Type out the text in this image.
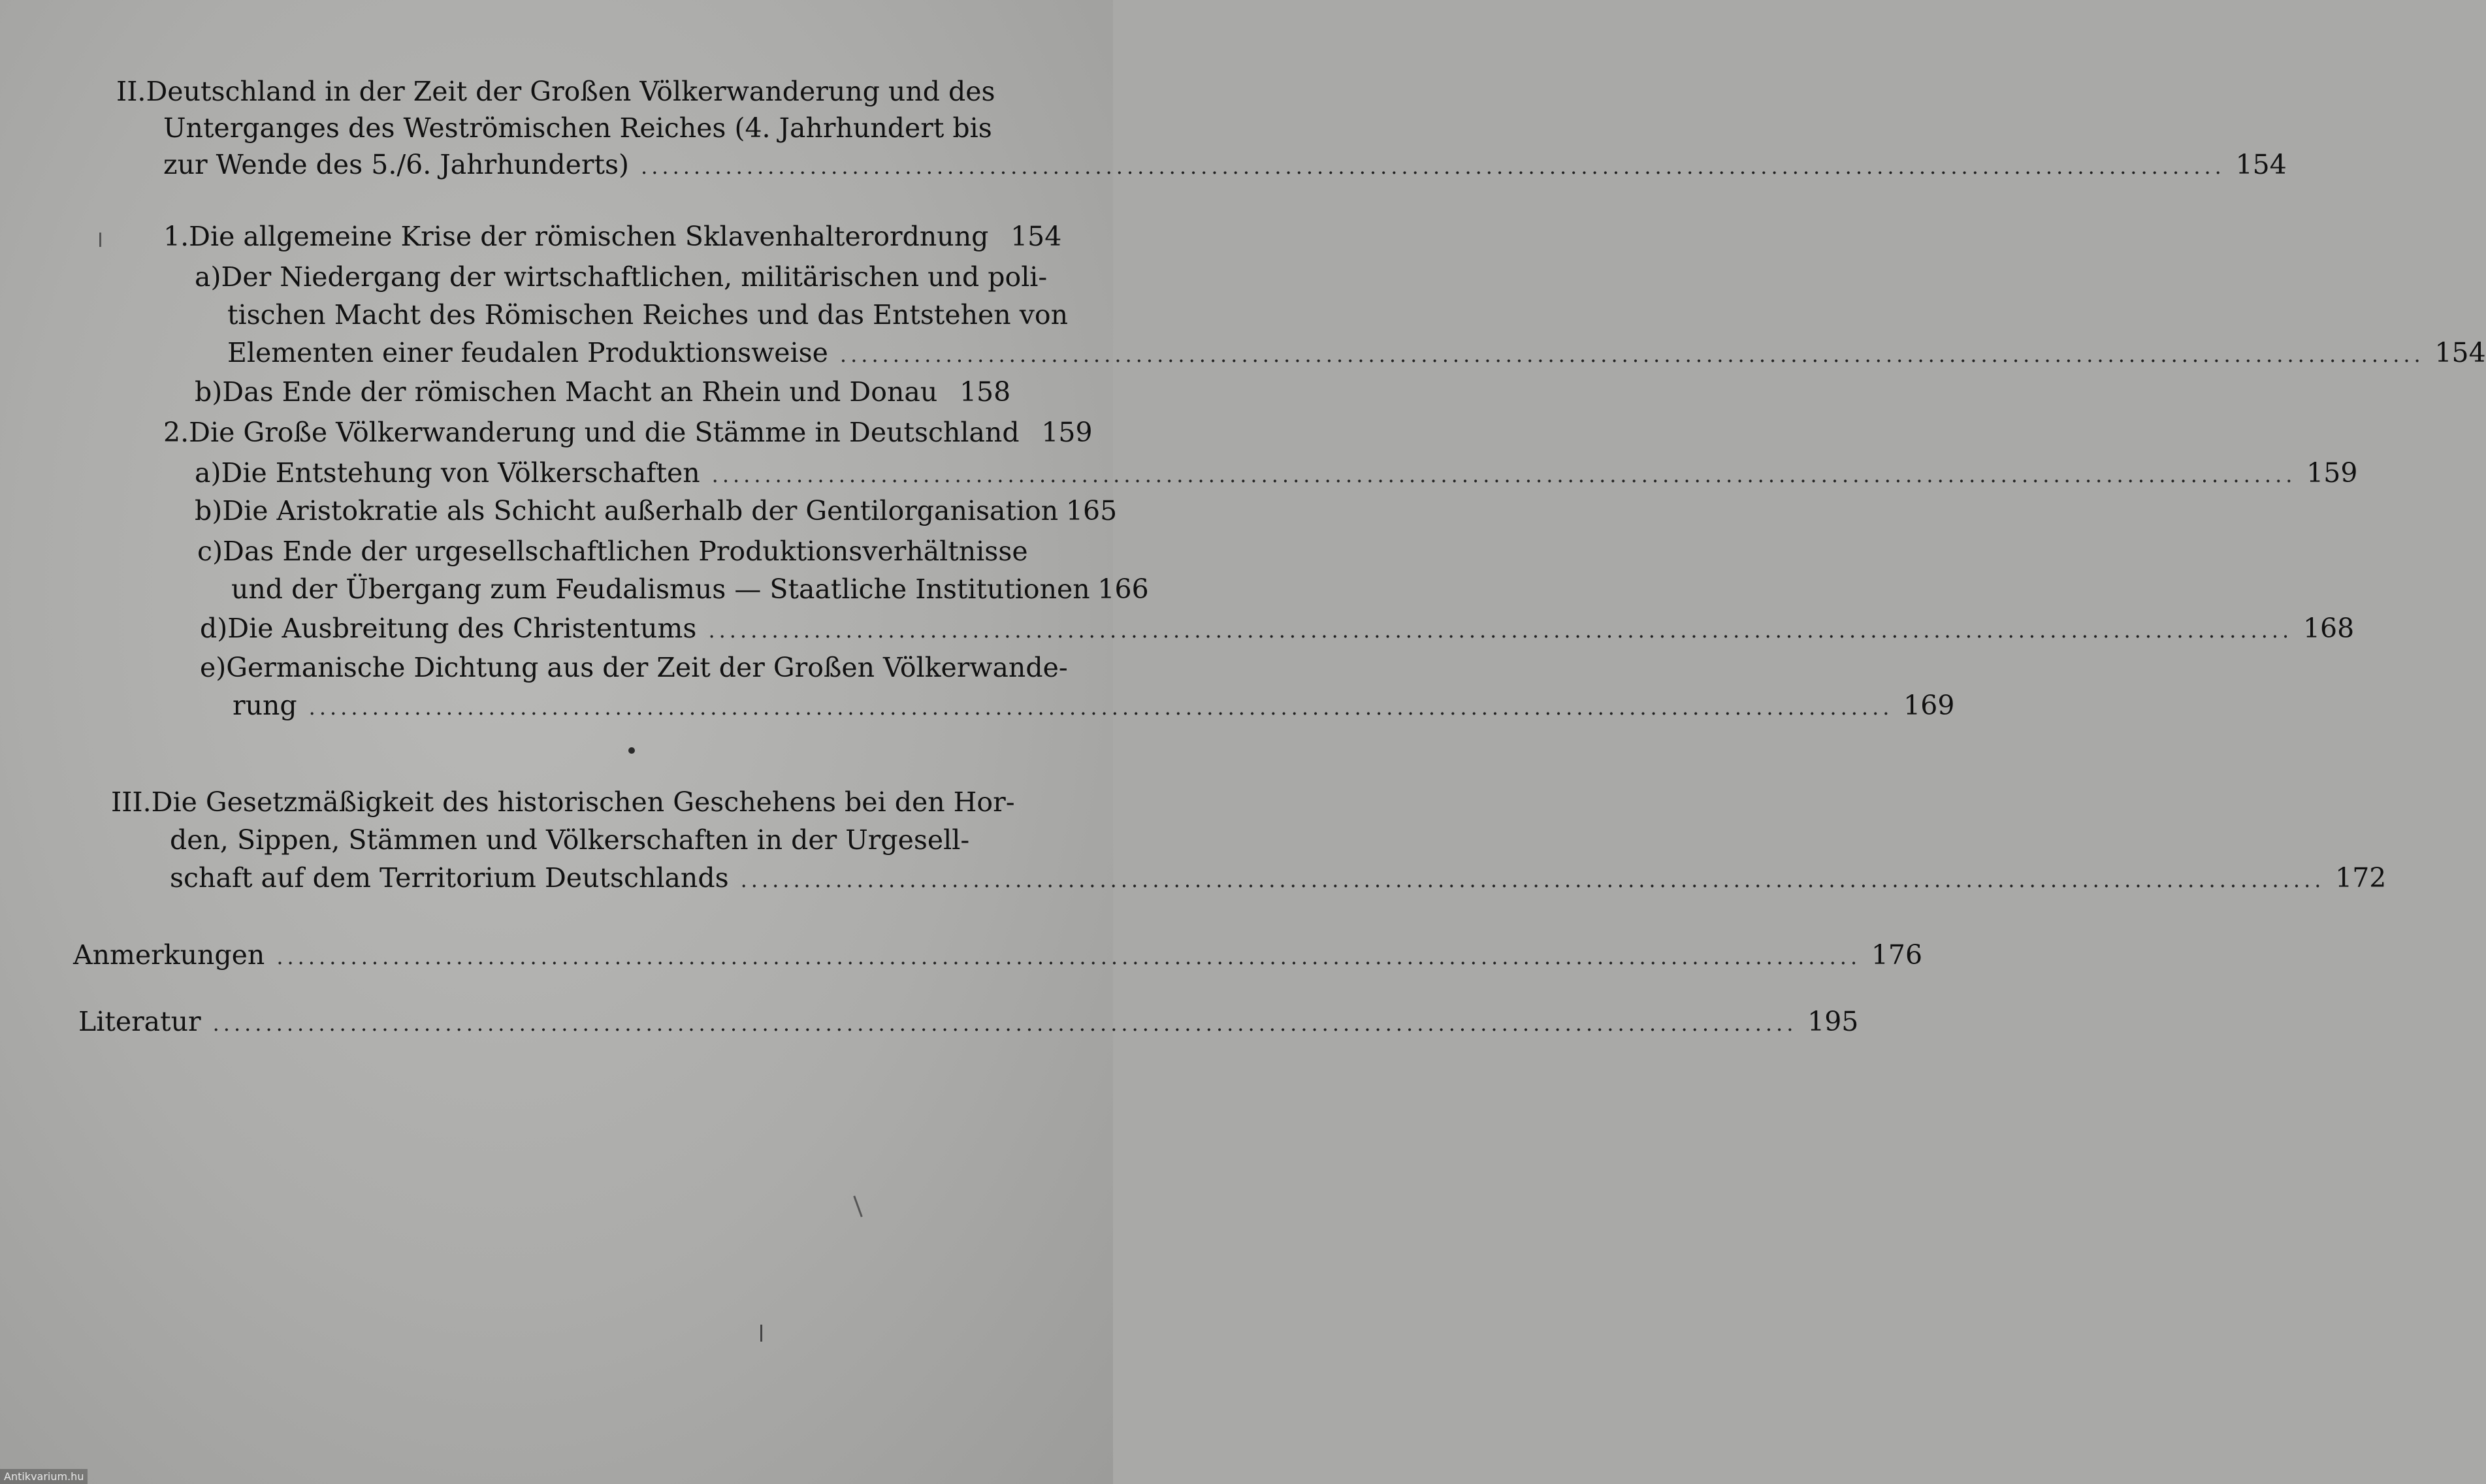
II. Deutschland in der Zeit der Großen Völkerwanderung und des
Unterganges des Weströmischen Reiches (4. Jahrhundert bis
zur Wende des 5./6. Jahrhunderts) ...................................................................................................................................................... 154
1. Die allgemeine Krise der römischen Sklavenhalterordnung 154
a) Der Niedergang der wirtschaftlichen, militärischen und poli-
tischen Macht des Römischen Reiches und das Entstehen von
Elementen einer feudalen Produktionsweise ...................................................................................................................................................... 154
b) Das Ende der römischen Macht an Rhein und Donau 158
2. Die Große Völkerwanderung und die Stämme in Deutschland 159
a) Die Entstehung von Völkerschaften ...................................................................................................................................................... 159
b) Die Aristokratie als Schicht außerhalb der Gentilorganisation 165
c) Das Ende der urgesellschaftlichen Produktionsverhältnisse
und der Übergang zum Feudalismus — Staatliche Institutionen 166
d) Die Ausbreitung des Christentums ...................................................................................................................................................... 168
e) Germanische Dichtung aus der Zeit der Großen Völkerwande-
rung ...................................................................................................................................................... 169
III. Die Gesetzmäßigkeit des historischen Geschehens bei den Hor-
den, Sippen, Stämmen und Völkerschaften in der Urgesell-
schaft auf dem Territorium Deutschlands ...................................................................................................................................................... 172
Anmerkungen ...................................................................................................................................................... 176
Literatur ...................................................................................................................................................... 195
Antikvarium.hu
